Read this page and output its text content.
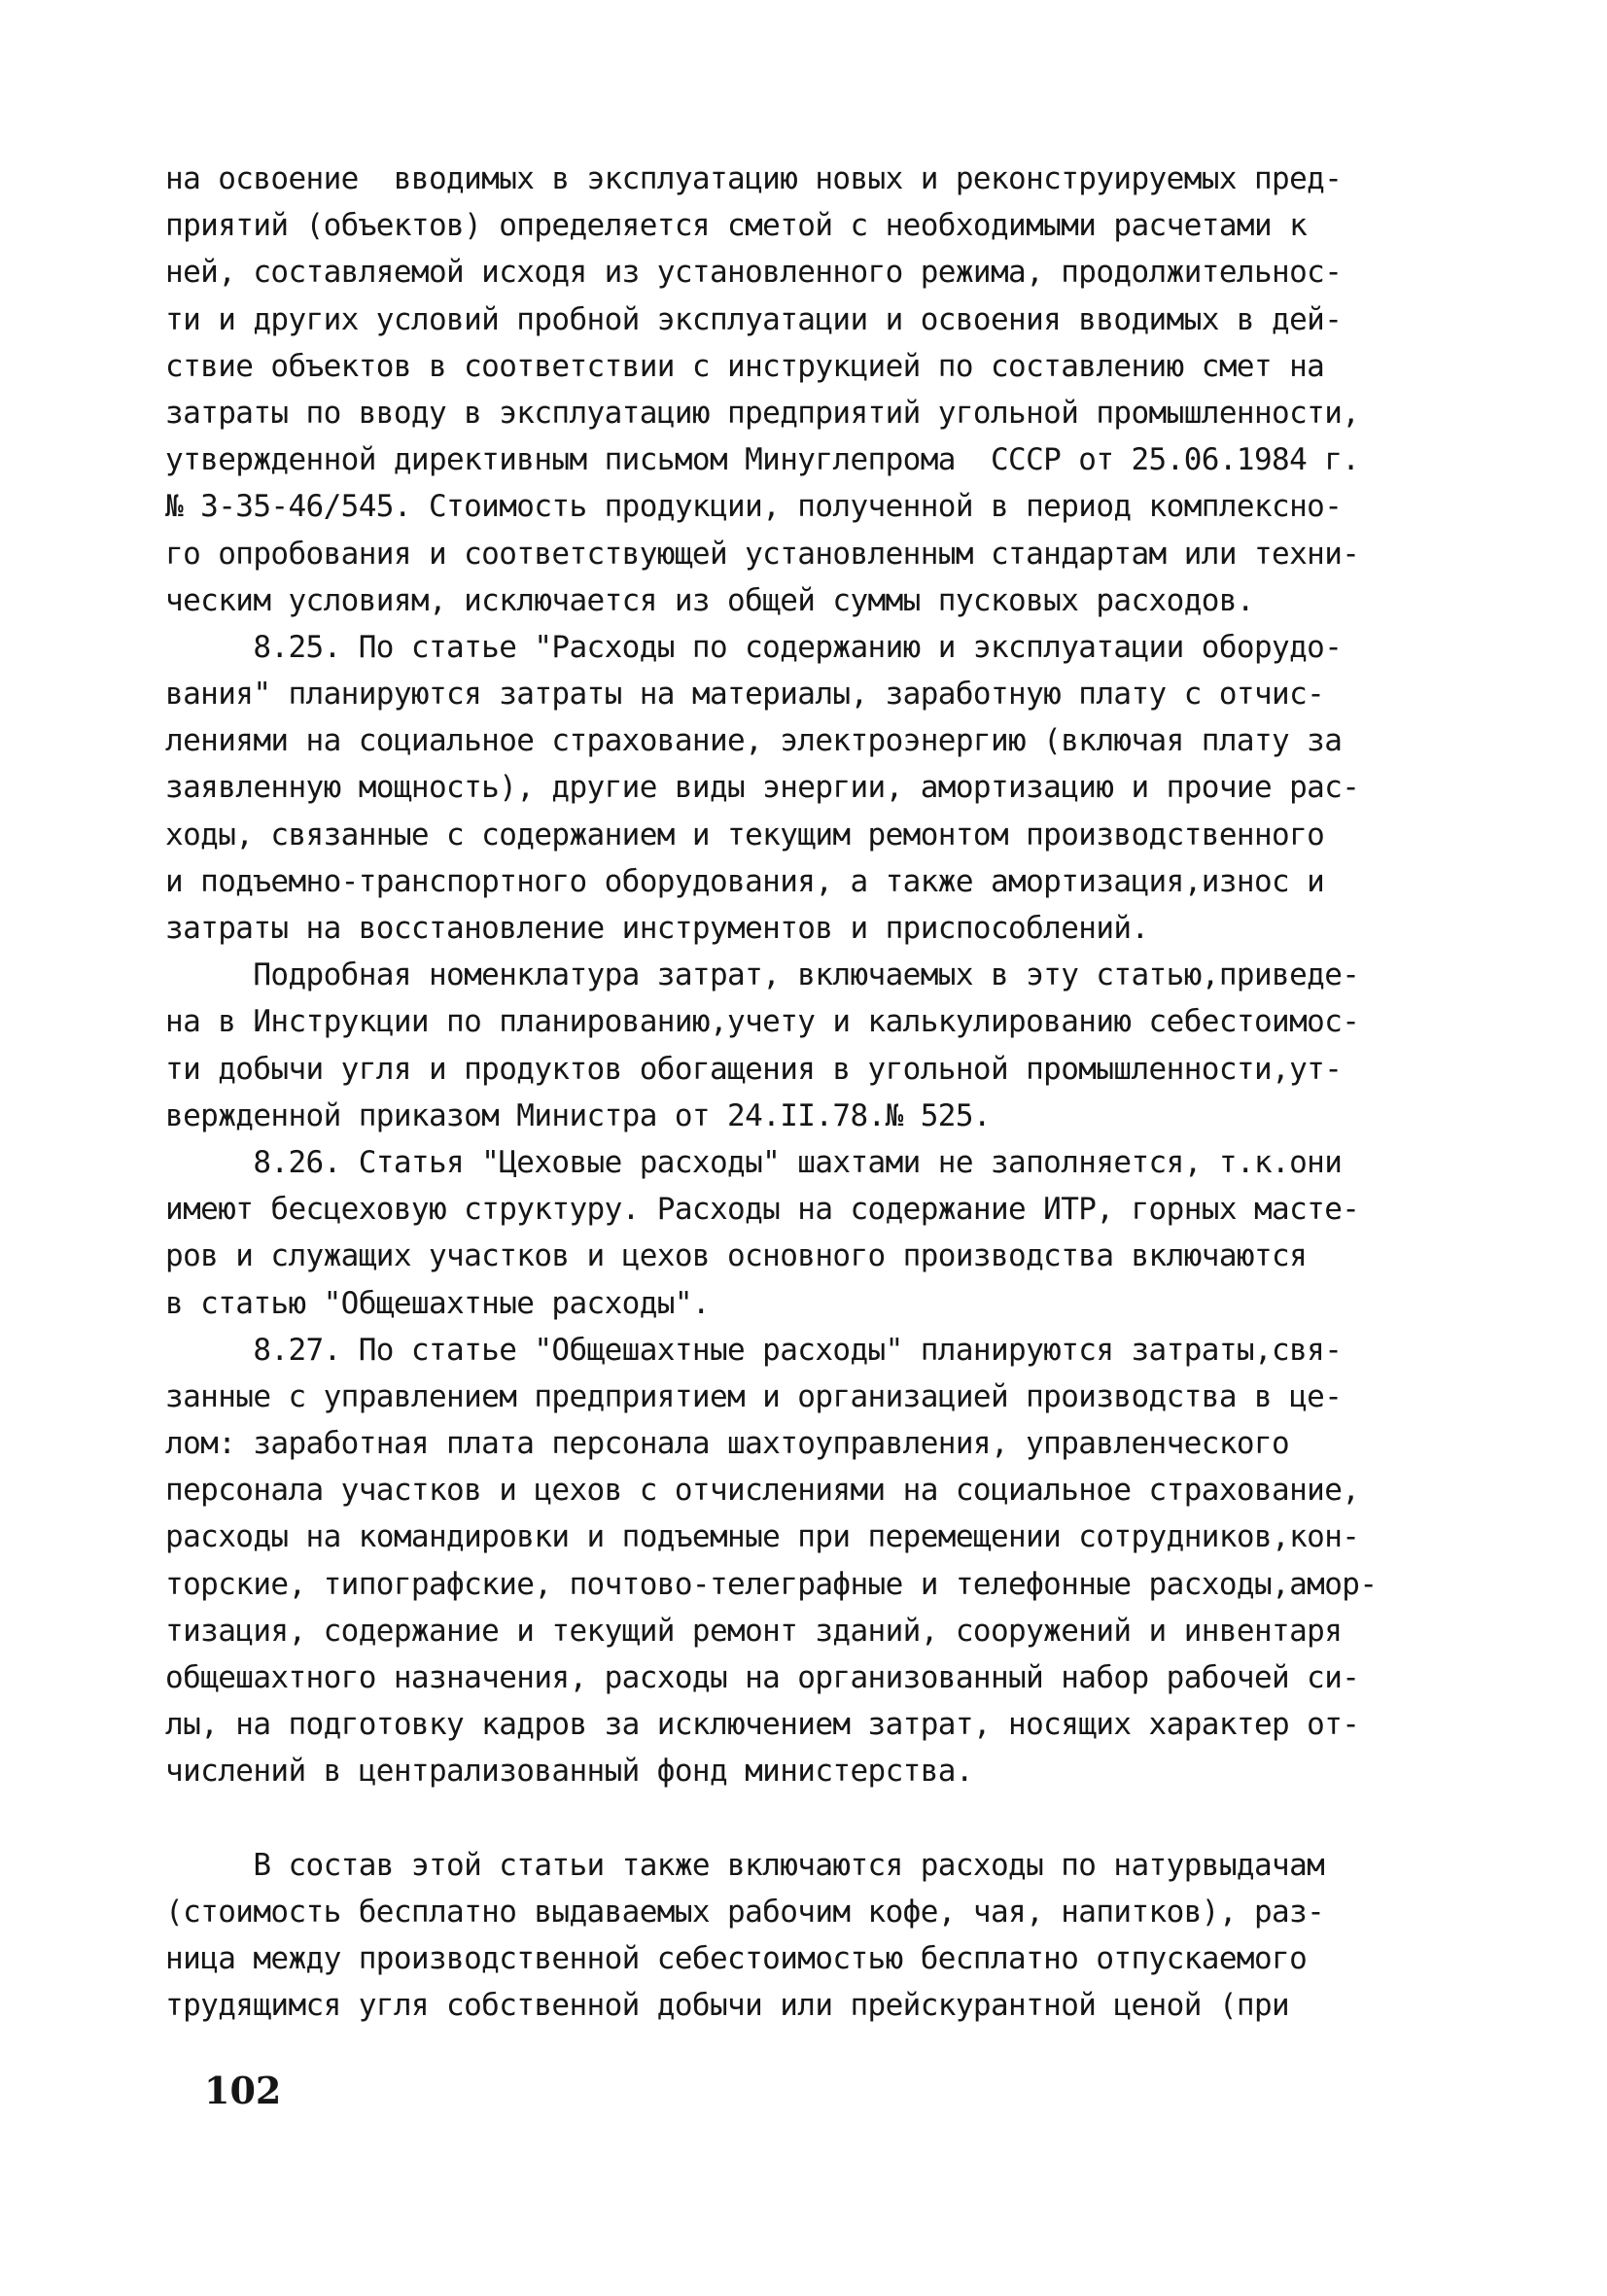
на освоение  вводимых в эксплуатацию новых и реконструируемых пред-
приятий (объектов) определяется сметой с необходимыми расчетами к
ней, составляемой исходя из установленного режима, продолжительнос-
ти и других условий пробной эксплуатации и освоения вводимых в дей-
ствие объектов в соответствии с инструкцией по составлению смет на
затраты по вводу в эксплуатацию предприятий угольной промышленности,
утвержденной директивным письмом Минуглепрома  СССР от 25.06.1984 г.
№ 3-35-46/545. Стоимость продукции, полученной в период комплексно-
го опробования и соответствующей установленным стандартам или техни-
ческим условиям, исключается из общей суммы пусковых расходов.
8.25. По статье "Расходы по содержанию и эксплуатации оборудо-
вания" планируются затраты на материалы, заработную плату с отчис-
лениями на социальное страхование, электроэнергию (включая плату за
заявленную мощность), другие виды энергии, амортизацию и прочие рас-
ходы, связанные с содержанием и текущим ремонтом производственного
и подъемно-транспортного оборудования, а также амортизация,износ и
затраты на восстановление инструментов и приспособлений.
Подробная номенклатура затрат, включаемых в эту статью,приведе-
на в Инструкции по планированию,учету и калькулированию себестоимос-
ти добычи угля и продуктов обогащения в угольной промышленности,ут-
вержденной приказом Министра от 24.II.78.№ 525.
8.26. Статья "Цеховые расходы" шахтами не заполняется, т.к.они
имеют бесцеховую структуру. Расходы на содержание ИТР, горных масте-
ров и служащих участков и цехов основного производства включаются
в статью "Общешахтные расходы".
8.27. По статье "Общешахтные расходы" планируются затраты,свя-
занные с управлением предприятием и организацией производства в це-
лом: заработная плата персонала шахтоуправления, управленческого
персонала участков и цехов с отчислениями на социальное страхование,
расходы на командировки и подъемные при перемещении сотрудников,кон-
торские, типографские, почтово-телеграфные и телефонные расходы,амор-
тизация, содержание и текущий ремонт зданий, сооружений и инвентаря
общешахтного назначения, расходы на организованный набор рабочей си-
лы, на подготовку кадров за исключением затрат, носящих характер от-
числений в централизованный фонд министерства.
В состав этой статьи также включаются расходы по натурвыдачам
(стоимость бесплатно выдаваемых рабочим кофе, чая, напитков), раз-
ница между производственной себестоимостью бесплатно отпускаемого
трудящимся угля собственной добычи или прейскурантной ценой (при
102
